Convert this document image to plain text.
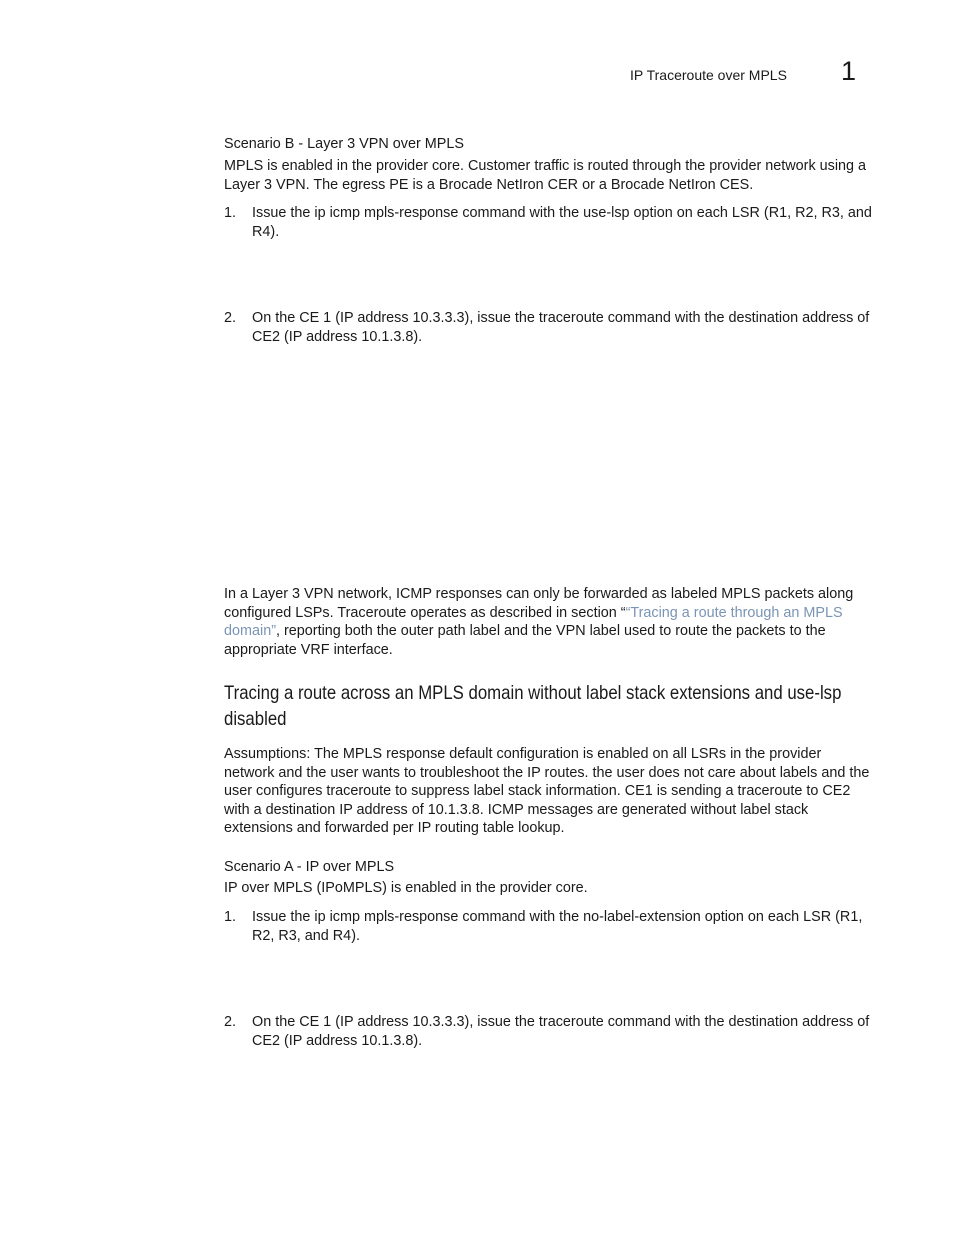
IP Traceroute over MPLS 1

Scenario B - Layer 3 VPN over MPLS

MPLS is enabled in the provider core. Customer traffic is routed through the provider network using a Layer 3 VPN. The egress PE is a Brocade NetIron CER or a Brocade NetIron CES.

1.	Issue the ip icmp mpls-response command with the use-lsp option on each LSR (R1, R2, R3, and R4).
2.	On the CE 1 (IP address 10.3.3.3), issue the traceroute command with the destination address of CE2 (IP address 10.1.3.8).

In a Layer 3 VPN network, ICMP responses can only be forwarded as labeled MPLS packets along configured LSPs. Traceroute operates as described in section ““Tracing a route through an MPLS domain”, reporting both the outer path label and the VPN label used to route the packets to the appropriate VRF interface.

Tracing a route across an MPLS domain without label stack extensions and use-lsp disabled

Assumptions: The MPLS response default configuration is enabled on all LSRs in the provider network and the user wants to troubleshoot the IP routes. the user does not care about labels and the user configures traceroute to suppress label stack information. CE1 is sending a traceroute to CE2 with a destination IP address of 10.1.3.8. ICMP messages are generated without label stack extensions and forwarded per IP routing table lookup.

Scenario A - IP over MPLS

IP over MPLS (IPoMPLS) is enabled in the provider core.

1.	Issue the ip icmp mpls-response command with the no-label-extension option on each LSR (R1, R2, R3, and R4).
2.	On the CE 1 (IP address 10.3.3.3), issue the traceroute command with the destination address of CE2 (IP address 10.1.3.8).
